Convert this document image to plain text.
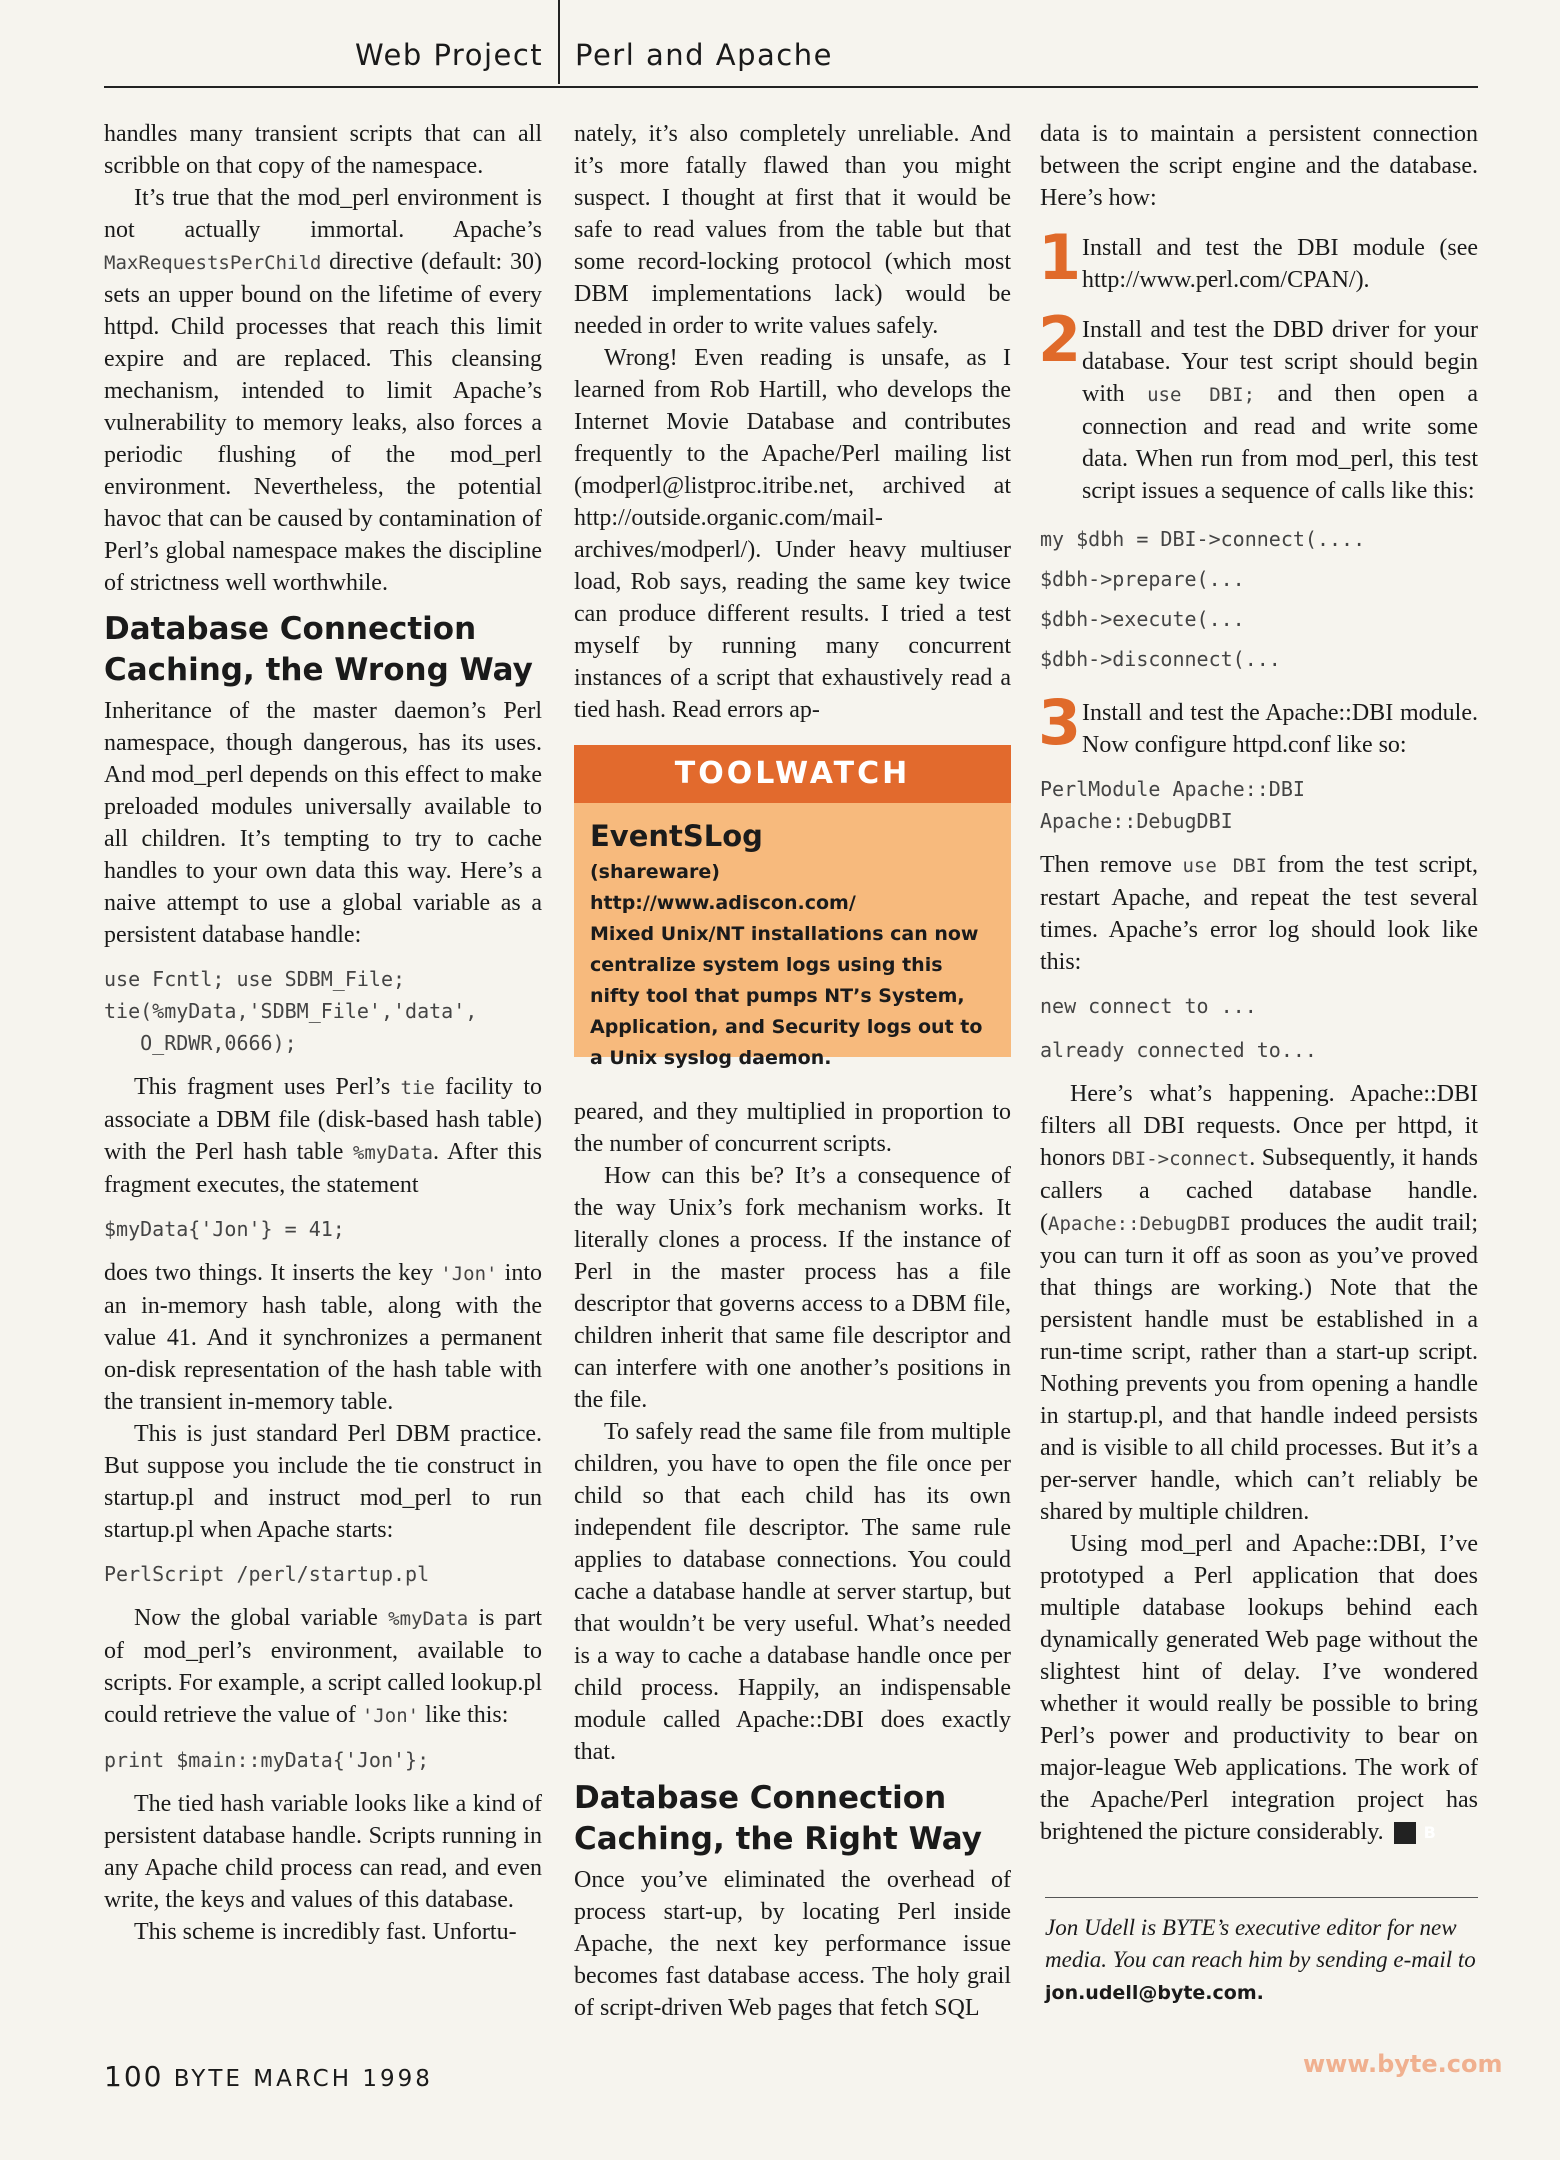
Web Project Perl and Apache

handles many transient scripts that can all scribble on that copy of the namespace.

It’s true that the mod_perl environment is not actually immortal. Apache’s MaxRequestsPerChild directive (default: 30) sets an upper bound on the lifetime of every httpd. Child processes that reach this limit expire and are replaced. This cleansing mechanism, intended to limit Apache’s vulnerability to memory leaks, also forces a periodic flushing of the mod_perl environment. Nevertheless, the potential havoc that can be caused by contamination of Perl’s global namespace makes the discipline of strictness well worthwhile.

Database Connection Caching, the Wrong Way

Inheritance of the master daemon’s Perl namespace, though dangerous, has its uses. And mod_perl depends on this effect to make preloaded modules universally available to all children. It’s tempting to try to cache handles to your own data this way. Here’s a naive attempt to use a global variable as a persistent database handle:

use Fcntl; use SDBM_File;
tie(%myData,'SDBM_File','data',
O_RDWR,0666);

This fragment uses Perl’s tie facility to associate a DBM file (disk-based hash table) with the Perl hash table %myData. After this fragment executes, the statement

$myData{'Jon'} = 41;

does two things. It inserts the key 'Jon' into an in-memory hash table, along with the value 41. And it synchronizes a permanent on-disk representation of the hash table with the transient in-memory table.

This is just standard Perl DBM practice. But suppose you include the tie construct in startup.pl and instruct mod_perl to run startup.pl when Apache starts:

PerlScript /perl/startup.pl

Now the global variable %myData is part of mod_perl’s environment, available to scripts. For example, a script called lookup.pl could retrieve the value of 'Jon' like this:

print $main::myData{'Jon'};

The tied hash variable looks like a kind of persistent database handle. Scripts running in any Apache child process can read, and even write, the keys and values of this database.

This scheme is incredibly fast. Unfortu-

nately, it’s also completely unreliable. And it’s more fatally flawed than you might suspect. I thought at first that it would be safe to read values from the table but that some record-locking protocol (which most DBM implementations lack) would be needed in order to write values safely.

Wrong! Even reading is unsafe, as I learned from Rob Hartill, who develops the Internet Movie Database and contributes frequently to the Apache/Perl mailing list (modperl@listproc.itribe.net, archived at http://outside.organic.com/mail-archives/modperl/). Under heavy multiuser load, Rob says, reading the same key twice can produce different results. I tried a test myself by running many concurrent instances of a script that exhaustively read a tied hash. Read errors ap-

TOOLWATCH
EventSLog
(shareware)
http://www.adiscon.com/
Mixed Unix/NT installations can now centralize system logs using this nifty tool that pumps NT’s System, Application, and Security logs out to a Unix syslog daemon.

peared, and they multiplied in proportion to the number of concurrent scripts.

How can this be? It’s a consequence of the way Unix’s fork mechanism works. It literally clones a process. If the instance of Perl in the master process has a file descriptor that governs access to a DBM file, children inherit that same file descriptor and can interfere with one another’s positions in the file.

To safely read the same file from multiple children, you have to open the file once per child so that each child has its own independent file descriptor. The same rule applies to database connections. You could cache a database handle at server startup, but that wouldn’t be very useful. What’s needed is a way to cache a database handle once per child process. Happily, an indispensable module called Apache::DBI does exactly that.

Database Connection Caching, the Right Way

Once you’ve eliminated the overhead of process start-up, by locating Perl inside Apache, the next key performance issue becomes fast database access. The holy grail of script-driven Web pages that fetch SQL

data is to maintain a persistent connection between the script engine and the database. Here’s how:

1 Install and test the DBI module (see http://www.perl.com/CPAN/).
2 Install and test the DBD driver for your database. Your test script should begin with use DBI; and then open a connection and read and write some data. When run from mod_perl, this test script issues a sequence of calls like this:
my $dbh = DBI->connect(....
$dbh->prepare(...
$dbh->execute(...
$dbh->disconnect(...
3 Install and test the Apache::DBI module. Now configure httpd.conf like so:
PerlModule Apache::DBI
Apache::DebugDBI

Then remove use DBI from the test script, restart Apache, and repeat the test several times. Apache’s error log should look like this:

new connect to ...
already connected to...

Here’s what’s happening. Apache::DBI filters all DBI requests. Once per httpd, it honors DBI->connect. Subsequently, it hands callers a cached database handle. (Apache::DebugDBI produces the audit trail; you can turn it off as soon as you’ve proved that things are working.) Note that the persistent handle must be established in a run-time script, rather than a start-up script. Nothing prevents you from opening a handle in startup.pl, and that handle indeed persists and is visible to all child processes. But it’s a per-server handle, which can’t reliably be shared by multiple children.

Using mod_perl and Apache::DBI, I’ve prototyped a Perl application that does multiple database lookups behind each dynamically generated Web page without the slightest hint of delay. I’ve wondered whether it would really be possible to bring Perl’s power and productivity to bear on major-league Web applications. The work of the Apache/Perl integration project has brightened the picture considerably.	B

Jon Udell is BYTE’s executive editor for new media. You can reach him by sending e-mail to
jon.udell@byte.com.
100 BYTE MARCH 1998
www.byte.com
